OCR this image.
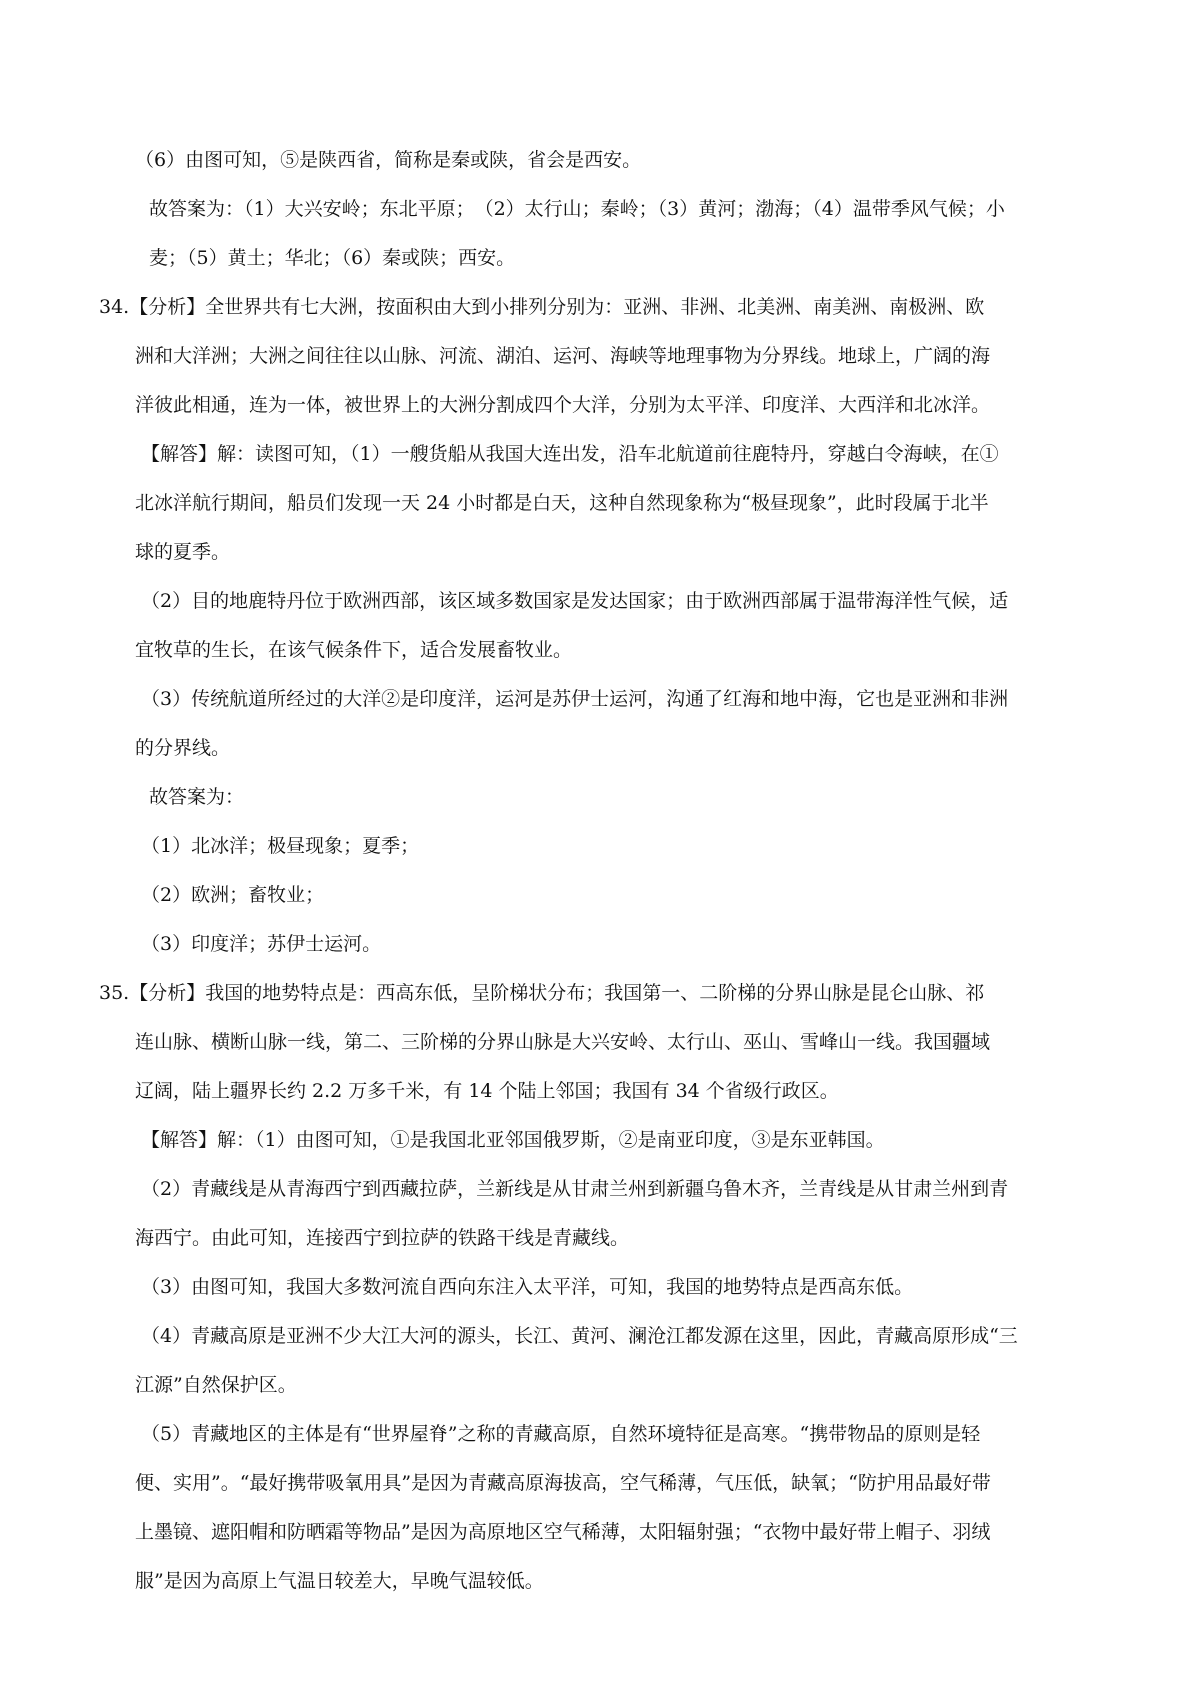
（6）由图可知，⑤是陕西省，简称是秦或陕，省会是西安。

故答案为：（1）大兴安岭；东北平原；　（2）太行山；秦岭；（3）黄河；渤海；（4）温带季风气候；小

麦；（5）黄土；华北；（6）秦或陕；西安。

34.【分析】全世界共有七大洲，按面积由大到小排列分别为：亚洲、非洲、北美洲、南美洲、南极洲、欧

洲和大洋洲；大洲之间往往以山脉、河流、湖泊、运河、海峡等地理事物为分界线。地球上，广阔的海

洋彼此相通，连为一体，被世界上的大洲分割成四个大洋，分别为太平洋、印度洋、大西洋和北冰洋。

【解答】解：读图可知，（1）一艘货船从我国大连出发，沿车北航道前往鹿特丹，穿越白令海峡，在①

北冰洋航行期间，船员们发现一天 24 小时都是白天，这种自然现象称为“极昼现象”，此时段属于北半

球的夏季。

（2）目的地鹿特丹位于欧洲西部，该区域多数国家是发达国家；由于欧洲西部属于温带海洋性气候，适

宜牧草的生长，在该气候条件下，适合发展畜牧业。

（3）传统航道所经过的大洋②是印度洋，运河是苏伊士运河，沟通了红海和地中海，它也是亚洲和非洲

的分界线。

故答案为：

（1）北冰洋；极昼现象；夏季；

（2）欧洲；畜牧业；

（3）印度洋；苏伊士运河。

35.【分析】我国的地势特点是：西高东低，呈阶梯状分布；我国第一、二阶梯的分界山脉是昆仑山脉、祁

连山脉、横断山脉一线，第二、三阶梯的分界山脉是大兴安岭、太行山、巫山、雪峰山一线。我国疆域

辽阔，陆上疆界长约 2.2 万多千米，有 14 个陆上邻国；我国有 34 个省级行政区。

【解答】解：（1）由图可知，①是我国北亚邻国俄罗斯，②是南亚印度，③是东亚韩国。

（2）青藏线是从青海西宁到西藏拉萨，兰新线是从甘肃兰州到新疆乌鲁木齐，兰青线是从甘肃兰州到青

海西宁。由此可知，连接西宁到拉萨的铁路干线是青藏线。

（3）由图可知，我国大多数河流自西向东注入太平洋，可知，我国的地势特点是西高东低。

（4）青藏高原是亚洲不少大江大河的源头，长江、黄河、澜沧江都发源在这里，因此，青藏高原形成“三

江源”自然保护区。

（5）青藏地区的主体是有“世界屋脊”之称的青藏高原，自然环境特征是高寒。“携带物品的原则是轻

便、实用”。“最好携带吸氧用具”是因为青藏高原海拔高，空气稀薄，气压低，缺氧；“防护用品最好带

上墨镜、遮阳帽和防晒霜等物品”是因为高原地区空气稀薄，太阳辐射强；“衣物中最好带上帽子、羽绒

服”是因为高原上气温日较差大，早晚气温较低。
